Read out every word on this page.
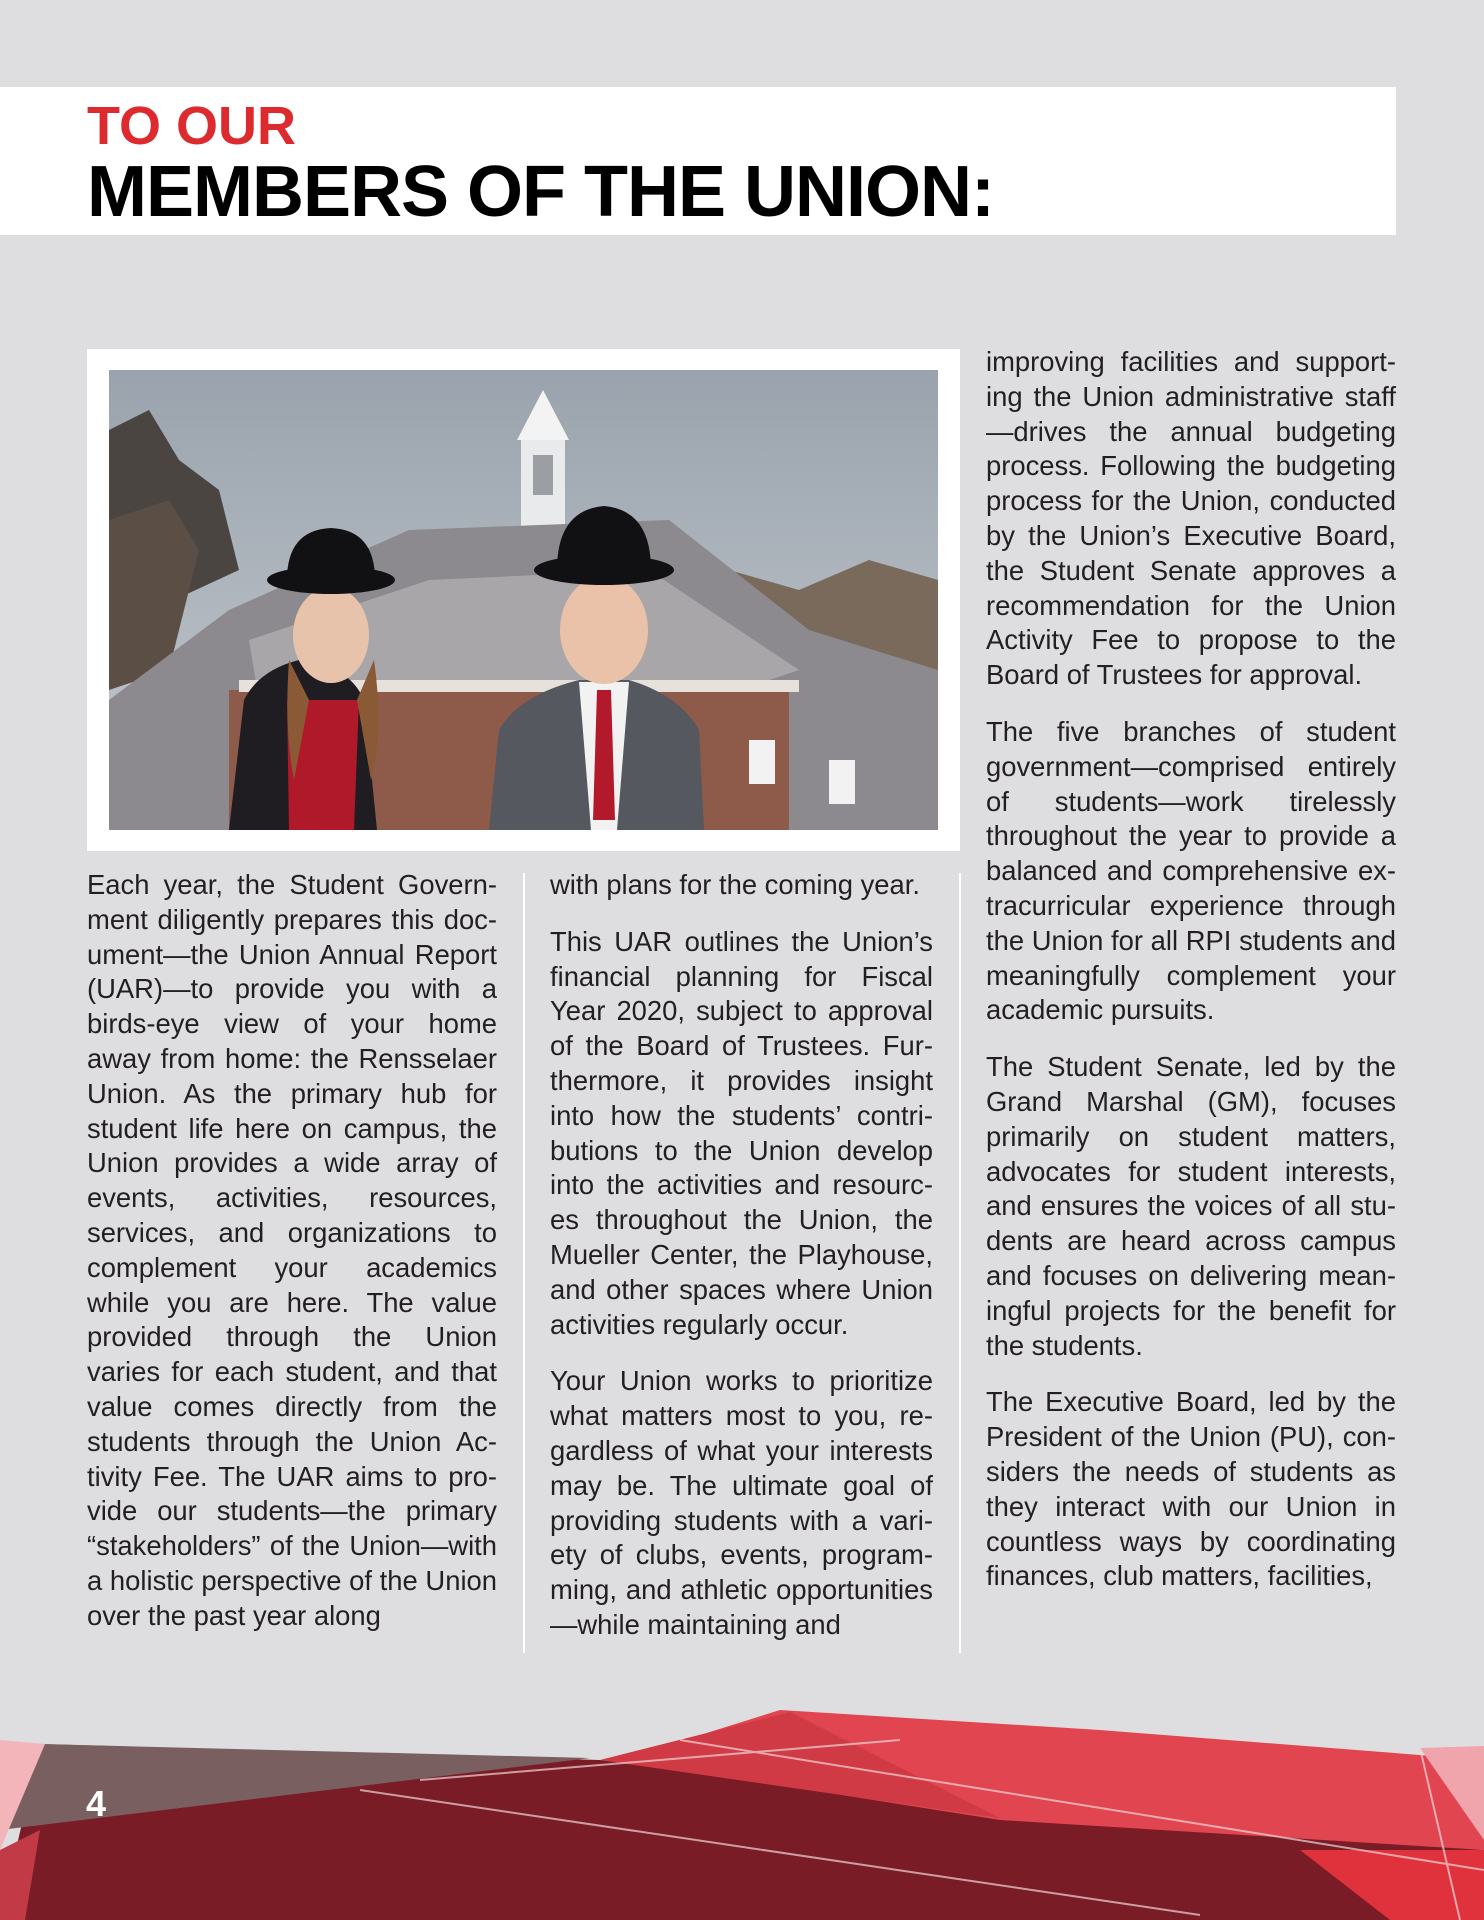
TO OUR
MEMBERS OF THE UNION:

Each year, the Student Government diligently prepares this document—the Union Annual Report (UAR)—to provide you with a birds-eye view of your home away from home: the Rensselaer Union. As the primary hub for student life here on campus, the Union provides a wide array of events, activities, resources, services, and organizations to complement your academics while you are here. The value provided through the Union varies for each student, and that value comes directly from the students through the Union Activity Fee. The UAR aims to provide our students—the primary “stakeholders” of the Union—with a holistic perspective of the Union over the past year along

with plans for the coming year.

This UAR outlines the Union’s financial planning for Fiscal Year 2020, subject to approval of the Board of Trustees. Furthermore, it provides insight into how the students’ contributions to the Union develop into the activities and resources throughout the Union, the Mueller Center, the Playhouse, and other spaces where Union activities regularly occur.

Your Union works to prioritize what matters most to you, regardless of what your interests may be. The ultimate goal of providing students with a variety of clubs, events, programming, and athletic opportunities—while maintaining and

improving facilities and supporting the Union administrative staff—drives the annual budgeting process. Following the budgeting process for the Union, conducted by the Union’s Executive Board, the Student Senate approves a recommendation for the Union Activity Fee to propose to the Board of Trustees for approval.

The five branches of student government—comprised entirely of students—work tirelessly throughout the year to provide a balanced and comprehensive extracurricular experience through the Union for all RPI students and meaningfully complement your academic pursuits.

The Student Senate, led by the Grand Marshal (GM), focuses primarily on student matters, advocates for student interests, and ensures the voices of all students are heard across campus and focuses on delivering meaningful projects for the benefit for the students.

The Executive Board, led by the President of the Union (PU), considers the needs of students as they interact with our Union in countless ways by coordinating finances, club matters, facilities,

4
